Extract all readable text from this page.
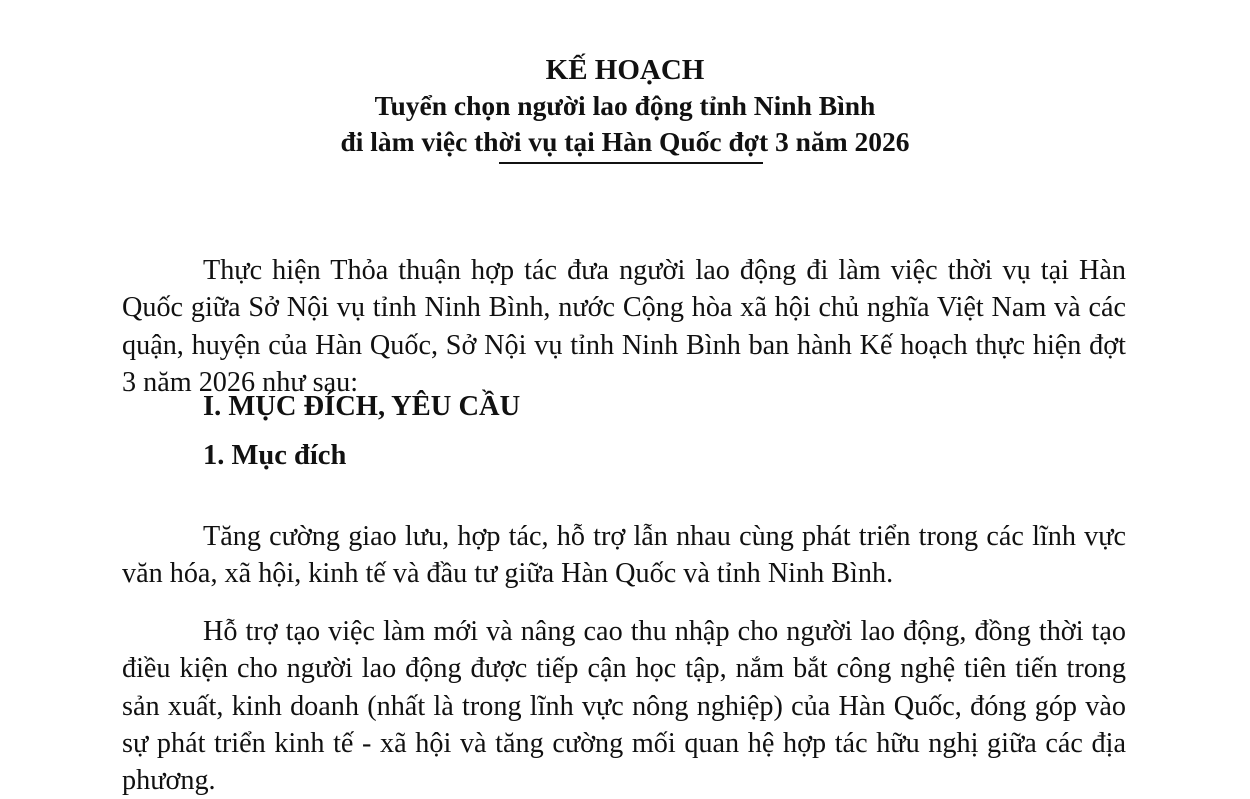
KẾ HOẠCH
Tuyển chọn người lao động tỉnh Ninh Bình
đi làm việc thời vụ tại Hàn Quốc đợt 3 năm 2026

Thực hiện Thỏa thuận hợp tác đưa người lao động đi làm việc thời vụ tại Hàn Quốc giữa Sở Nội vụ tỉnh Ninh Bình, nước Cộng hòa xã hội chủ nghĩa Việt Nam và các quận, huyện của Hàn Quốc, Sở Nội vụ tỉnh Ninh Bình ban hành Kế hoạch thực hiện đợt 3 năm 2026 như sau:

I. MỤC ĐÍCH, YÊU CẦU
1. Mục đích

Tăng cường giao lưu, hợp tác, hỗ trợ lẫn nhau cùng phát triển trong các lĩnh vực văn hóa, xã hội, kinh tế và đầu tư giữa Hàn Quốc và tỉnh Ninh Bình.

Hỗ trợ tạo việc làm mới và nâng cao thu nhập cho người lao động, đồng thời tạo điều kiện cho người lao động được tiếp cận học tập, nắm bắt công nghệ tiên tiến trong sản xuất, kinh doanh (nhất là trong lĩnh vực nông nghiệp) của Hàn Quốc, đóng góp vào sự phát triển kinh tế - xã hội và tăng cường mối quan hệ hợp tác hữu nghị giữa các địa phương.
